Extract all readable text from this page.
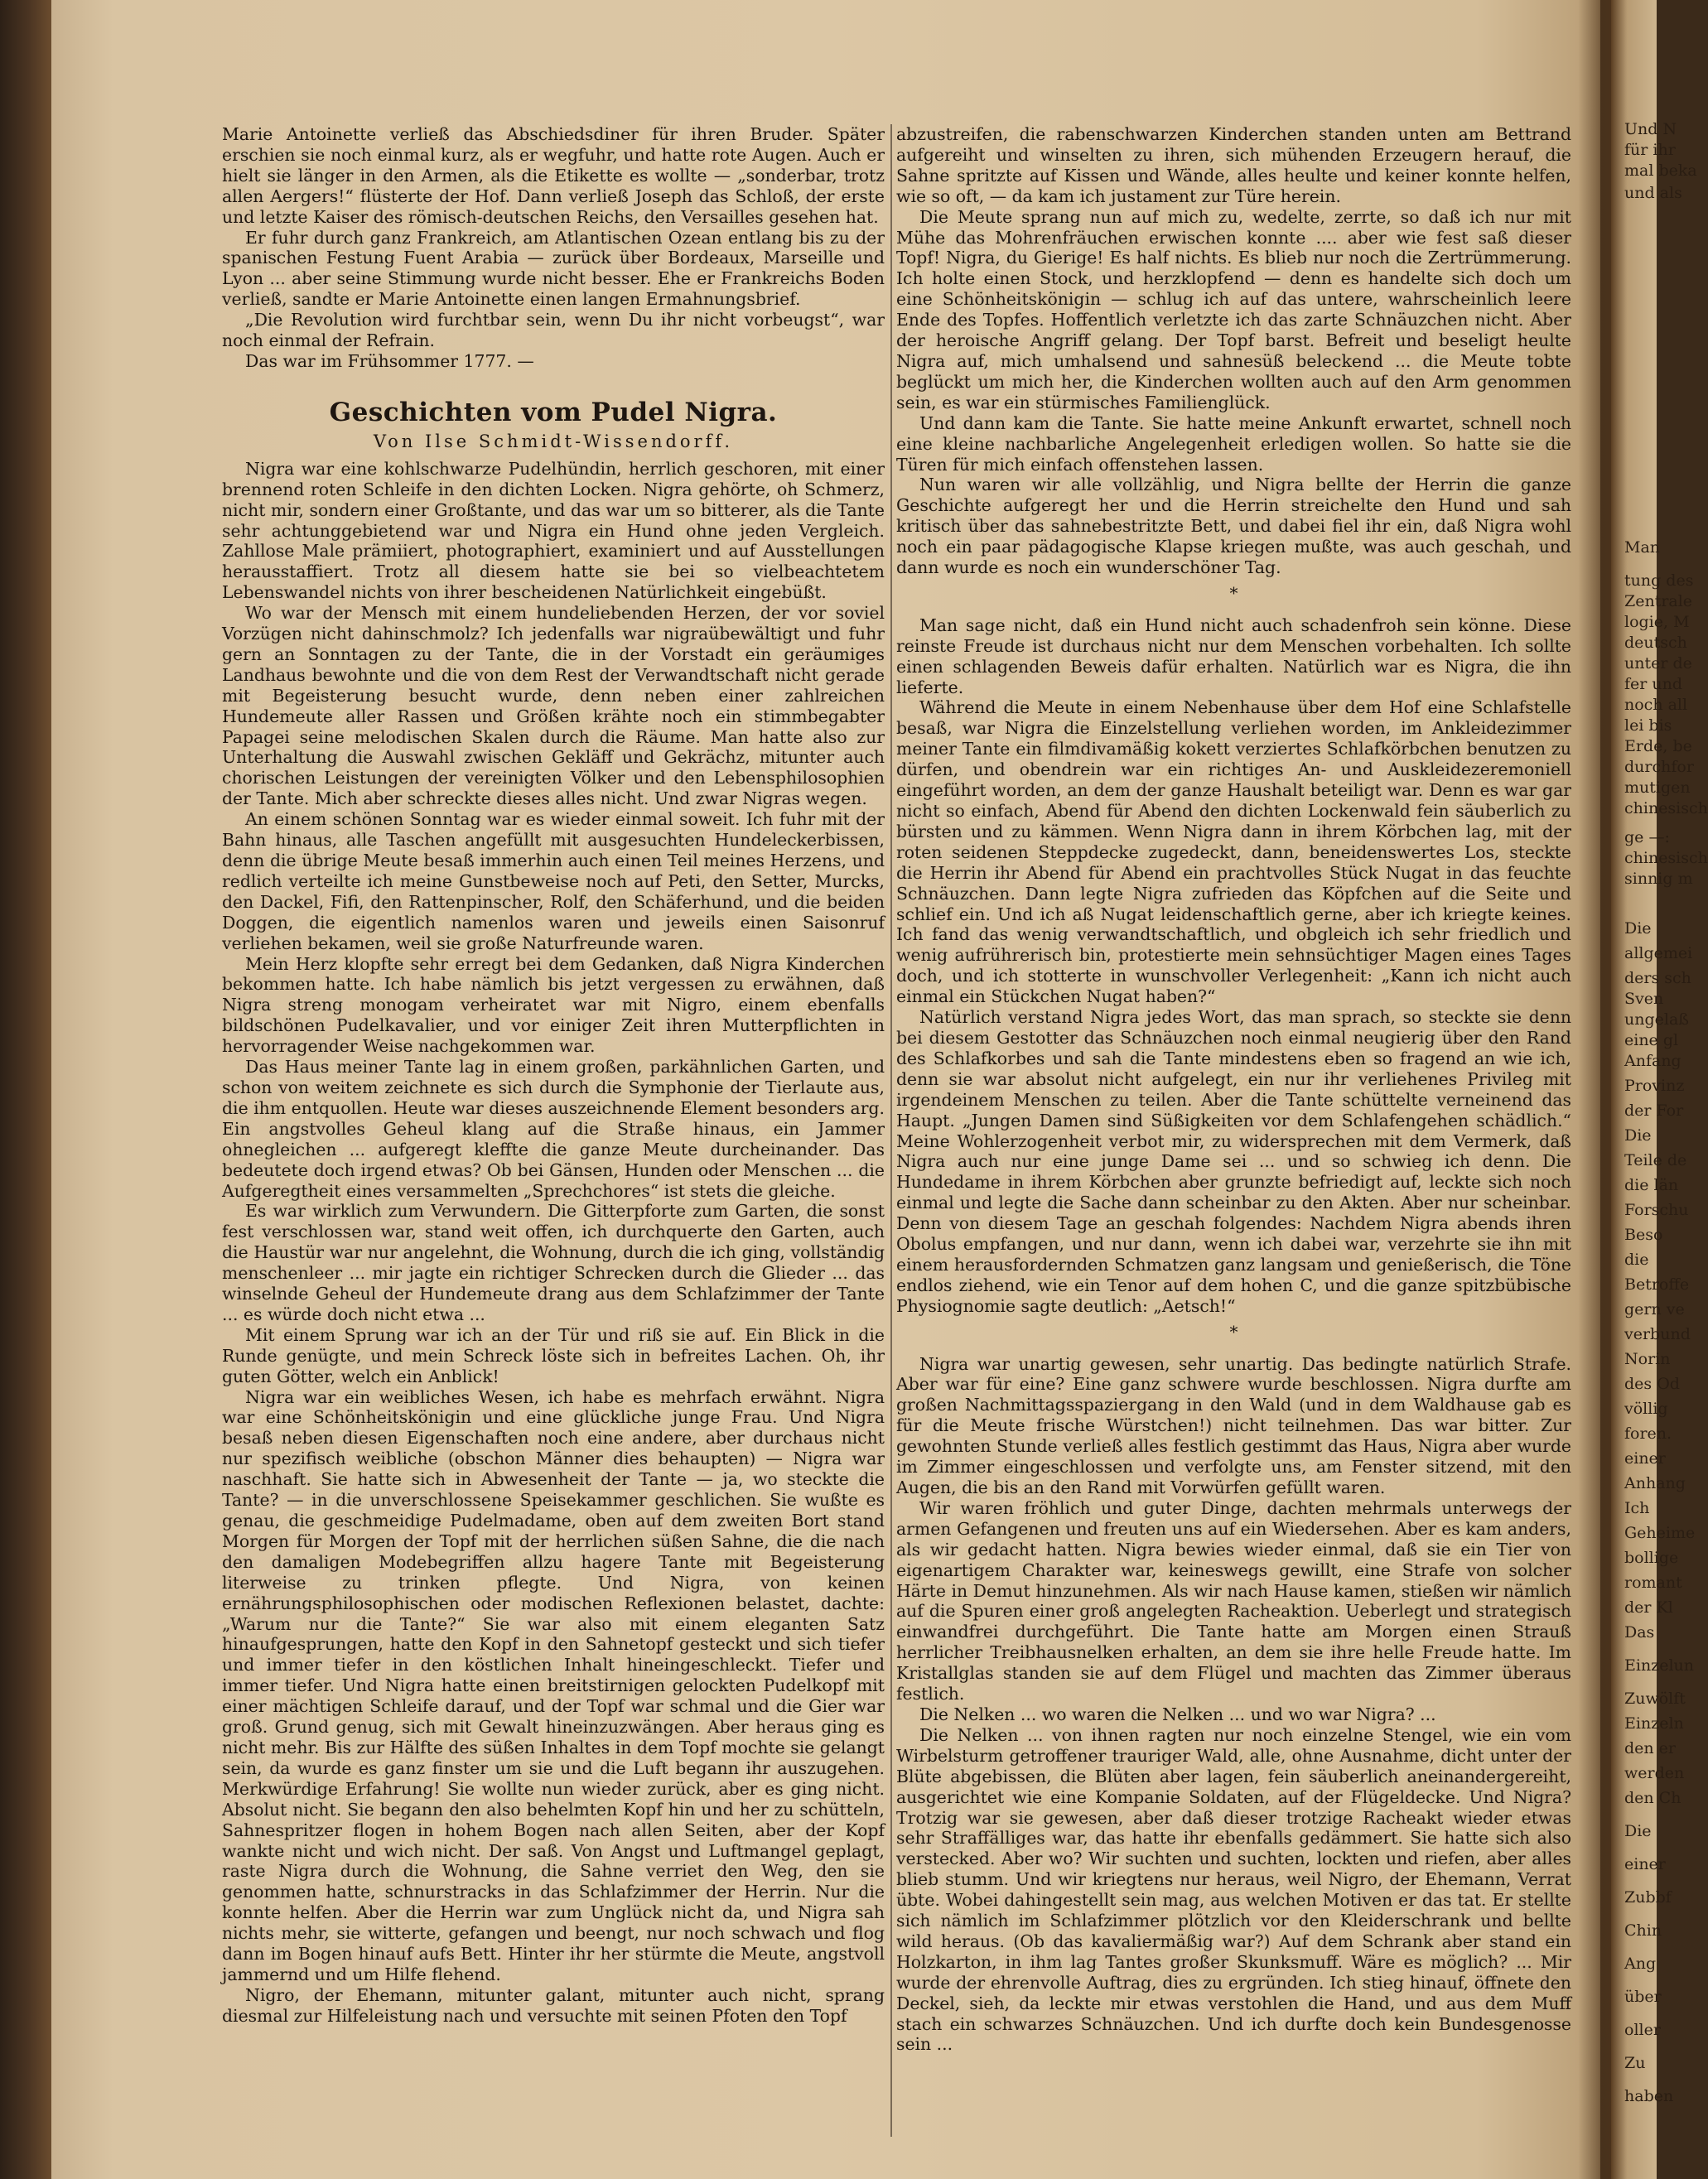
Und N
für ihr
mal beka
und als
Man
tung des
Zentrale
logie, M
deutsch
unter de
fer und
noch all
lei bis
Erde, be
durchfor
mutigen
chinesisch
ge —:
chinesisch
sinnig m
Die
allgemei
ders sch
Sven
ungelaß
eine gl
Anfang
Provinz
der For
Die
Teile de
die län
Forschu
Beso
die
Betroffe
gern ve
verbund
Norin
des Od
völlig
foren.
einer
Anhang
Ich
Geheime
bollige
romant
der Kl
Das
Einzelun
Zuwölft
Einzeln
den er
werden
den Ch
Die
einer
Zubbf
Chin
Ang
über
oller
Zu
haben

Marie Antoinette verließ das Abschiedsdiner für ihren Bruder. Später erschien sie noch einmal kurz, als er wegfuhr, und hatte rote Augen. Auch er hielt sie länger in den Armen, als die Etikette es wollte — „sonderbar, trotz allen Aergers!“ flüsterte der Hof. Dann verließ Joseph das Schloß, der erste und letzte Kaiser des römisch-deutschen Reichs, den Versailles gesehen hat.

Er fuhr durch ganz Frankreich, am Atlantischen Ozean entlang bis zu der spanischen Festung Fuent Arabia — zurück über Bordeaux, Marseille und Lyon ... aber seine Stimmung wurde nicht besser. Ehe er Frankreichs Boden verließ, sandte er Marie Antoinette einen langen Ermahnungsbrief.

„Die Revolution wird furchtbar sein, wenn Du ihr nicht vorbeugst“, war noch einmal der Refrain.

Das war im Frühsommer 1777. —

Geschichten vom Pudel Nigra.
Von Ilse Schmidt-Wissendorff.

Nigra war eine kohlschwarze Pudelhündin, herrlich geschoren, mit einer brennend roten Schleife in den dichten Locken. Nigra gehörte, oh Schmerz, nicht mir, sondern einer Großtante, und das war um so bitterer, als die Tante sehr achtunggebietend war und Nigra ein Hund ohne jeden Vergleich. Zahllose Male prämiiert, photographiert, examiniert und auf Ausstellungen herausstaffiert. Trotz all diesem hatte sie bei so vielbeachtetem Lebenswandel nichts von ihrer bescheidenen Natürlichkeit eingebüßt.

Wo war der Mensch mit einem hundeliebenden Herzen, der vor soviel Vorzügen nicht dahinschmolz? Ich jedenfalls war nigraübewältigt und fuhr gern an Sonntagen zu der Tante, die in der Vorstadt ein geräumiges Landhaus bewohnte und die von dem Rest der Verwandtschaft nicht gerade mit Begeisterung besucht wurde, denn neben einer zahlreichen Hundemeute aller Rassen und Größen krähte noch ein stimmbegabter Papagei seine melodischen Skalen durch die Räume. Man hatte also zur Unterhaltung die Auswahl zwischen Gekläff und Gekrächz, mitunter auch chorischen Leistungen der vereinigten Völker und den Lebensphilosophien der Tante. Mich aber schreckte dieses alles nicht. Und zwar Nigras wegen.

An einem schönen Sonntag war es wieder einmal soweit. Ich fuhr mit der Bahn hinaus, alle Taschen angefüllt mit ausgesuchten Hundeleckerbissen, denn die übrige Meute besaß immerhin auch einen Teil meines Herzens, und redlich verteilte ich meine Gunstbeweise noch auf Peti, den Setter, Murcks, den Dackel, Fifi, den Rattenpinscher, Rolf, den Schäferhund, und die beiden Doggen, die eigentlich namenlos waren und jeweils einen Saisonruf verliehen bekamen, weil sie große Naturfreunde waren.

Mein Herz klopfte sehr erregt bei dem Gedanken, daß Nigra Kinderchen bekommen hatte. Ich habe nämlich bis jetzt vergessen zu erwähnen, daß Nigra streng monogam verheiratet war mit Nigro, einem ebenfalls bildschönen Pudelkavalier, und vor einiger Zeit ihren Mutterpflichten in hervorragender Weise nachgekommen war.

Das Haus meiner Tante lag in einem großen, parkähnlichen Garten, und schon von weitem zeichnete es sich durch die Symphonie der Tierlaute aus, die ihm entquollen. Heute war dieses auszeichnende Element besonders arg. Ein angstvolles Geheul klang auf die Straße hinaus, ein Jammer ohnegleichen ... aufgeregt kleffte die ganze Meute durcheinander. Das bedeutete doch irgend etwas? Ob bei Gänsen, Hunden oder Menschen ... die Aufgeregtheit eines versammelten „Sprechchores“ ist stets die gleiche.

Es war wirklich zum Verwundern. Die Gitterpforte zum Garten, die sonst fest verschlossen war, stand weit offen, ich durchquerte den Garten, auch die Haustür war nur angelehnt, die Wohnung, durch die ich ging, vollständig menschenleer ... mir jagte ein richtiger Schrecken durch die Glieder ... das winselnde Geheul der Hundemeute drang aus dem Schlafzimmer der Tante ... es würde doch nicht etwa ...

Mit einem Sprung war ich an der Tür und riß sie auf. Ein Blick in die Runde genügte, und mein Schreck löste sich in befreites Lachen. Oh, ihr guten Götter, welch ein Anblick!

Nigra war ein weibliches Wesen, ich habe es mehrfach erwähnt. Nigra war eine Schönheitskönigin und eine glückliche junge Frau. Und Nigra besaß neben diesen Eigenschaften noch eine andere, aber durchaus nicht nur spezifisch weibliche (obschon Männer dies behaupten) — Nigra war naschhaft. Sie hatte sich in Abwesenheit der Tante — ja, wo steckte die Tante? — in die unverschlossene Speisekammer geschlichen. Sie wußte es genau, die geschmeidige Pudelmadame, oben auf dem zweiten Bort stand Morgen für Morgen der Topf mit der herrlichen süßen Sahne, die die nach den damaligen Modebegriffen allzu hagere Tante mit Begeisterung literweise zu trinken pflegte. Und Nigra, von keinen ernährungsphilosophischen oder modischen Reflexionen belastet, dachte: „Warum nur die Tante?“ Sie war also mit einem eleganten Satz hinaufgesprungen, hatte den Kopf in den Sahnetopf gesteckt und sich tiefer und immer tiefer in den köstlichen Inhalt hineingeschleckt. Tiefer und immer tiefer. Und Nigra hatte einen breitstirnigen gelockten Pudelkopf mit einer mächtigen Schleife darauf, und der Topf war schmal und die Gier war groß. Grund genug, sich mit Gewalt hineinzuzwängen. Aber heraus ging es nicht mehr. Bis zur Hälfte des süßen Inhaltes in dem Topf mochte sie gelangt sein, da wurde es ganz finster um sie und die Luft begann ihr auszugehen. Merkwürdige Erfahrung! Sie wollte nun wieder zurück, aber es ging nicht. Absolut nicht. Sie begann den also behelmten Kopf hin und her zu schütteln, Sahnespritzer flogen in hohem Bogen nach allen Seiten, aber der Kopf wankte nicht und wich nicht. Der saß. Von Angst und Luftmangel geplagt, raste Nigra durch die Wohnung, die Sahne verriet den Weg, den sie genommen hatte, schnurstracks in das Schlafzimmer der Herrin. Nur die konnte helfen. Aber die Herrin war zum Unglück nicht da, und Nigra sah nichts mehr, sie witterte, gefangen und beengt, nur noch schwach und flog dann im Bogen hinauf aufs Bett. Hinter ihr her stürmte die Meute, angstvoll jammernd und um Hilfe flehend.

Nigro, der Ehemann, mitunter galant, mitunter auch nicht, sprang diesmal zur Hilfeleistung nach und versuchte mit seinen Pfoten den Topf

abzustreifen, die rabenschwarzen Kinderchen standen unten am Bettrand aufgereiht und winselten zu ihren, sich mühenden Erzeugern herauf, die Sahne spritzte auf Kissen und Wände, alles heulte und keiner konnte helfen, wie so oft, — da kam ich justament zur Türe herein.

Die Meute sprang nun auf mich zu, wedelte, zerrte, so daß ich nur mit Mühe das Mohrenfräuchen erwischen konnte .... aber wie fest saß dieser Topf! Nigra, du Gierige! Es half nichts. Es blieb nur noch die Zertrümmerung. Ich holte einen Stock, und herzklopfend — denn es handelte sich doch um eine Schönheitskönigin — schlug ich auf das untere, wahrscheinlich leere Ende des Topfes. Hoffentlich verletzte ich das zarte Schnäuzchen nicht. Aber der heroische Angriff gelang. Der Topf barst. Befreit und beseligt heulte Nigra auf, mich umhalsend und sahnesüß beleckend ... die Meute tobte beglückt um mich her, die Kinderchen wollten auch auf den Arm genommen sein, es war ein stürmisches Familienglück.

Und dann kam die Tante. Sie hatte meine Ankunft erwartet, schnell noch eine kleine nachbarliche Angelegenheit erledigen wollen. So hatte sie die Türen für mich einfach offenstehen lassen.

Nun waren wir alle vollzählig, und Nigra bellte der Herrin die ganze Geschichte aufgeregt her und die Herrin streichelte den Hund und sah kritisch über das sahnebestritzte Bett, und dabei fiel ihr ein, daß Nigra wohl noch ein paar pädagogische Klapse kriegen mußte, was auch geschah, und dann wurde es noch ein wunderschöner Tag.

*

Man sage nicht, daß ein Hund nicht auch schadenfroh sein könne. Diese reinste Freude ist durchaus nicht nur dem Menschen vorbehalten. Ich sollte einen schlagenden Beweis dafür erhalten. Natürlich war es Nigra, die ihn lieferte.

Während die Meute in einem Nebenhause über dem Hof eine Schlafstelle besaß, war Nigra die Einzelstellung verliehen worden, im Ankleidezimmer meiner Tante ein filmdivamäßig kokett verziertes Schlafkörbchen benutzen zu dürfen, und obendrein war ein richtiges An- und Auskleidezeremoniell eingeführt worden, an dem der ganze Haushalt beteiligt war. Denn es war gar nicht so einfach, Abend für Abend den dichten Lockenwald fein säuberlich zu bürsten und zu kämmen. Wenn Nigra dann in ihrem Körbchen lag, mit der roten seidenen Steppdecke zugedeckt, dann, beneidenswertes Los, steckte die Herrin ihr Abend für Abend ein prachtvolles Stück Nugat in das feuchte Schnäuzchen. Dann legte Nigra zufrieden das Köpfchen auf die Seite und schlief ein. Und ich aß Nugat leidenschaftlich gerne, aber ich kriegte keines. Ich fand das wenig verwandtschaftlich, und obgleich ich sehr friedlich und wenig aufrührerisch bin, protestierte mein sehnsüchtiger Magen eines Tages doch, und ich stotterte in wunschvoller Verlegenheit: „Kann ich nicht auch einmal ein Stückchen Nugat haben?“

Natürlich verstand Nigra jedes Wort, das man sprach, so steckte sie denn bei diesem Gestotter das Schnäuzchen noch einmal neugierig über den Rand des Schlafkorbes und sah die Tante mindestens eben so fragend an wie ich, denn sie war absolut nicht aufgelegt, ein nur ihr verliehenes Privileg mit irgendeinem Menschen zu teilen. Aber die Tante schüttelte verneinend das Haupt. „Jungen Damen sind Süßigkeiten vor dem Schlafengehen schädlich.“ Meine Wohlerzogenheit verbot mir, zu widersprechen mit dem Vermerk, daß Nigra auch nur eine junge Dame sei ... und so schwieg ich denn. Die Hundedame in ihrem Körbchen aber grunzte befriedigt auf, leckte sich noch einmal und legte die Sache dann scheinbar zu den Akten. Aber nur scheinbar. Denn von diesem Tage an geschah folgendes: Nachdem Nigra abends ihren Obolus empfangen, und nur dann, wenn ich dabei war, verzehrte sie ihn mit einem herausfordernden Schmatzen ganz langsam und genießerisch, die Töne endlos ziehend, wie ein Tenor auf dem hohen C, und die ganze spitzbübische Physiognomie sagte deutlich: „Aetsch!“

*

Nigra war unartig gewesen, sehr unartig. Das bedingte natürlich Strafe. Aber war für eine? Eine ganz schwere wurde beschlossen. Nigra durfte am großen Nachmittagsspaziergang in den Wald (und in dem Waldhause gab es für die Meute frische Würstchen!) nicht teilnehmen. Das war bitter. Zur gewohnten Stunde verließ alles festlich gestimmt das Haus, Nigra aber wurde im Zimmer eingeschlossen und verfolgte uns, am Fenster sitzend, mit den Augen, die bis an den Rand mit Vorwürfen gefüllt waren.

Wir waren fröhlich und guter Dinge, dachten mehrmals unterwegs der armen Gefangenen und freuten uns auf ein Wiedersehen. Aber es kam anders, als wir gedacht hatten. Nigra bewies wieder einmal, daß sie ein Tier von eigenartigem Charakter war, keineswegs gewillt, eine Strafe von solcher Härte in Demut hinzunehmen. Als wir nach Hause kamen, stießen wir nämlich auf die Spuren einer groß angelegten Racheaktion. Ueberlegt und strategisch einwandfrei durchgeführt. Die Tante hatte am Morgen einen Strauß herrlicher Treibhausnelken erhalten, an dem sie ihre helle Freude hatte. Im Kristallglas standen sie auf dem Flügel und machten das Zimmer überaus festlich.

Die Nelken ... wo waren die Nelken ... und wo war Nigra? ...

Die Nelken ... von ihnen ragten nur noch einzelne Stengel, wie ein vom Wirbelsturm getroffener trauriger Wald, alle, ohne Ausnahme, dicht unter der Blüte abgebissen, die Blüten aber lagen, fein säuberlich aneinandergereiht, ausgerichtet wie eine Kompanie Soldaten, auf der Flügeldecke. Und Nigra? Trotzig war sie gewesen, aber daß dieser trotzige Racheakt wieder etwas sehr Straffälliges war, das hatte ihr ebenfalls gedämmert. Sie hatte sich also verstecked. Aber wo? Wir suchten und suchten, lockten und riefen, aber alles blieb stumm. Und wir kriegtens nur heraus, weil Nigro, der Ehemann, Verrat übte. Wobei dahingestellt sein mag, aus welchen Motiven er das tat. Er stellte sich nämlich im Schlafzimmer plötzlich vor den Kleiderschrank und bellte wild heraus. (Ob das kavaliermäßig war?) Auf dem Schrank aber stand ein Holzkarton, in ihm lag Tantes großer Skunksmuff. Wäre es möglich? ... Mir wurde der ehrenvolle Auftrag, dies zu ergründen. Ich stieg hinauf, öffnete den Deckel, sieh, da leckte mir etwas verstohlen die Hand, und aus dem Muff stach ein schwarzes Schnäuzchen. Und ich durfte doch kein Bundesgenosse sein ...
